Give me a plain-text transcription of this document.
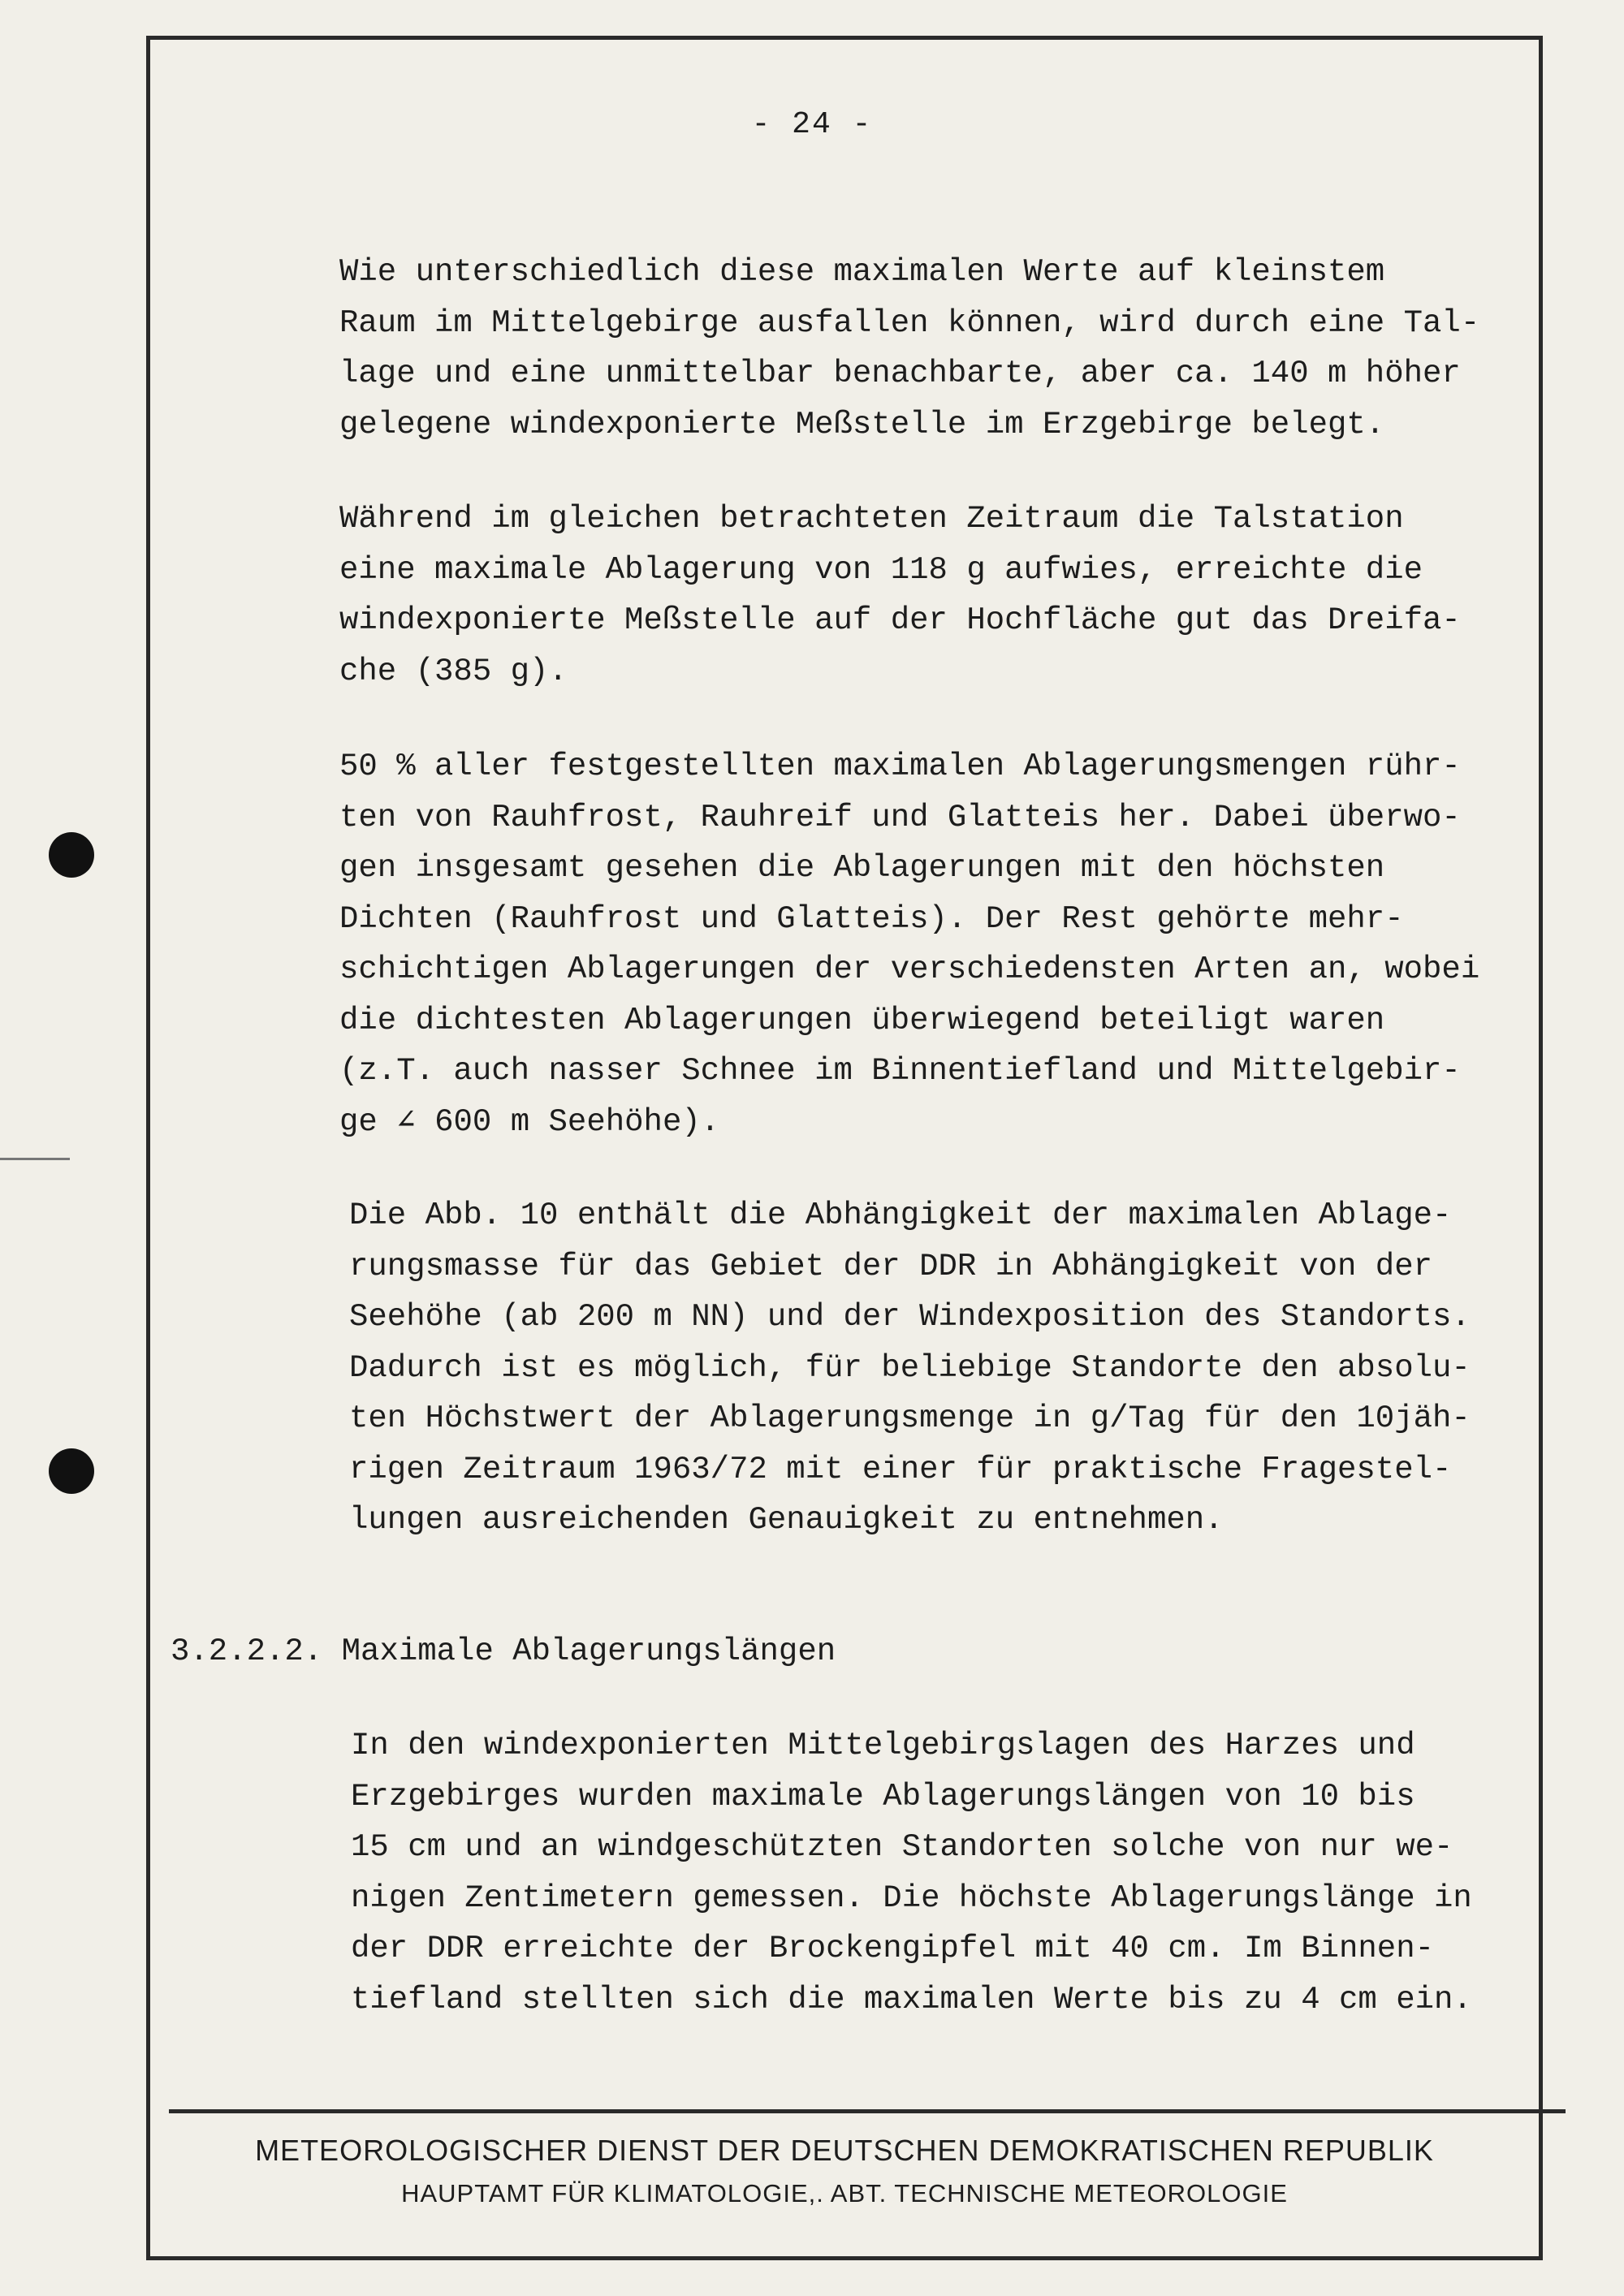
- 24 -
Wie unterschiedlich diese maximalen Werte auf kleinstem
Raum im Mittelgebirge ausfallen können, wird durch eine Tal-
lage und eine unmittelbar benachbarte, aber ca. 140 m höher
gelegene windexponierte Meßstelle im Erzgebirge belegt.
Während im gleichen betrachteten Zeitraum die Talstation
eine maximale Ablagerung von 118 g aufwies, erreichte die
windexponierte Meßstelle auf der Hochfläche gut das Dreifa-
che (385 g).
50 % aller festgestellten maximalen Ablagerungsmengen rühr-
ten von Rauhfrost, Rauhreif und Glatteis her. Dabei überwo-
gen insgesamt gesehen die Ablagerungen mit den höchsten
Dichten (Rauhfrost und Glatteis). Der Rest gehörte mehr-
schichtigen Ablagerungen der verschiedensten Arten an, wobei
die dichtesten Ablagerungen überwiegend beteiligt waren
(z.T. auch nasser Schnee im Binnentiefland und Mittelgebir-
ge ∠ 600 m Seehöhe).
Die Abb. 10 enthält die Abhängigkeit der maximalen Ablage-
rungsmasse für das Gebiet der DDR in Abhängigkeit von der
Seehöhe (ab 200 m NN) und der Windexposition des Standorts.
Dadurch ist es möglich, für beliebige Standorte den absolu-
ten Höchstwert der Ablagerungsmenge in g/Tag für den 10jäh-
rigen Zeitraum 1963/72 mit einer für praktische Fragestel-
lungen ausreichenden Genauigkeit zu entnehmen.
3.2.2.2. Maximale Ablagerungslängen
In den windexponierten Mittelgebirgslagen des Harzes und
Erzgebirges wurden maximale Ablagerungslängen von 10 bis
15 cm und an windgeschützten Standorten solche von nur we-
nigen Zentimetern gemessen. Die höchste Ablagerungslänge in
der DDR erreichte der Brockengipfel mit 40 cm. Im Binnen-
tiefland stellten sich die maximalen Werte bis zu 4 cm ein.
METEOROLOGISCHER DIENST DER DEUTSCHEN DEMOKRATISCHEN REPUBLIK
HAUPTAMT FÜR KLIMATOLOGIE,. ABT. TECHNISCHE METEOROLOGIE
